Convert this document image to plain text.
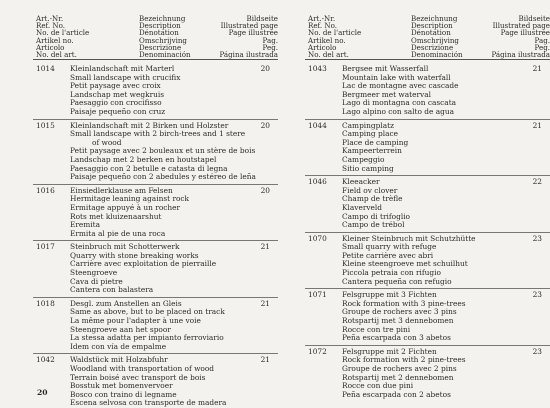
Art.-Nr.
Ref. No.
No. de l'article
Artikel no.
Articolo
No. del art.
Bezeichnung
Description
Dénotation
Omschrijving
Descrizione
Denominación
Bildseite
Illustrated page
Page illustrée
Pag.
Peg.
Página ilustrada
1014 Kleinlandschaft mit Marterl
Small landscape with crucifix
Petit paysage avec croix
Landschap met wegkruis
Paesaggio con crocifisso
Paisaje pequeño con cruz
20
1015 Kleinlandschaft mit 2 Birken und Holzster
Small landscape with 2 birch-trees and 1 stere
of wood
Petit paysage avec 2 bouleaux et un stère de bois
Landschap met 2 berken en houtstapel
Paesaggio con 2 betulle e catasta di legna
Paisaje pequeño con 2 abedules y estéreo de leña
20
1016 Einsiedlerklause am Felsen
Hermitage leaning against rock
Ermitage appuyé à un rocher
Rots met kluizenaarshut
Eremita
Ermita al pie de una roca
20
1017 Steinbruch mit Schotterwerk
Quarry with stone breaking works
Carrière avec exploitation de pierraille
Steengroeve
Cava di pietre
Cantera con balastera
21
1018 Desgl. zum Anstellen an Gleis
Same as above, but to be placed on track
La même pour l'adapter à une voie
Steengroeve aan het spoor
La stessa adatta per impianto ferroviario
Idem con vía de empalme
21
1042 Waldstück mit Holzabfuhr
Woodland with transportation of wood
Terrain boisé avec transport de bois
Bosstuk met bomenvervoer
Bosco con traino di legname
Escena selvosa con transporte de madera
21
Art.-Nr.
Ref. No.
No. de l'article
Artikel no.
Articolo
No. del art.
Bezeichnung
Description
Dénotation
Omschrijving
Descrizione
Denominación
Bildseite
Illustrated page
Page illustrée
Pag.
Peg.
Página ilustrada
1043 Bergsee mit Wasserfall
Mountain lake with waterfall
Lac de montagne avec cascade
Bergmeer met waterval
Lago di montagna con cascata
Lago alpino con salto de agua
21
1044 Campingplatz
Camping place
Place de camping
Kampeerterrein
Campeggio
Sitio camping
21
1046 Kleeacker
Field ov clover
Champ de trèfle
Klaverveld
Campo di trifoglio
Campo de trébol
22
1070 Kleiner Steinbruch mit Schutzhütte
Small quarry with refuge
Petite carrière avec abri
Kleine steengroeve met schuilhut
Piccola petraia con rifugio
Cantera pequeña con refugio
23
1071 Felsgruppe mit 3 Fichten
Rock formation with 3 pine-trees
Groupe de rochers avec 3 pins
Rotspartij met 3 dennebomen
Rocce con tre pini
Peña escarpada con 3 abetos
23
1072 Felsgruppe mit 2 Fichten
Rock formation with 2 pine-trees
Groupe de rochers avec 2 pins
Rotspartij met 2 dennebomen
Rocce con due pini
Peña escarpada con 2 abetos
23
20
